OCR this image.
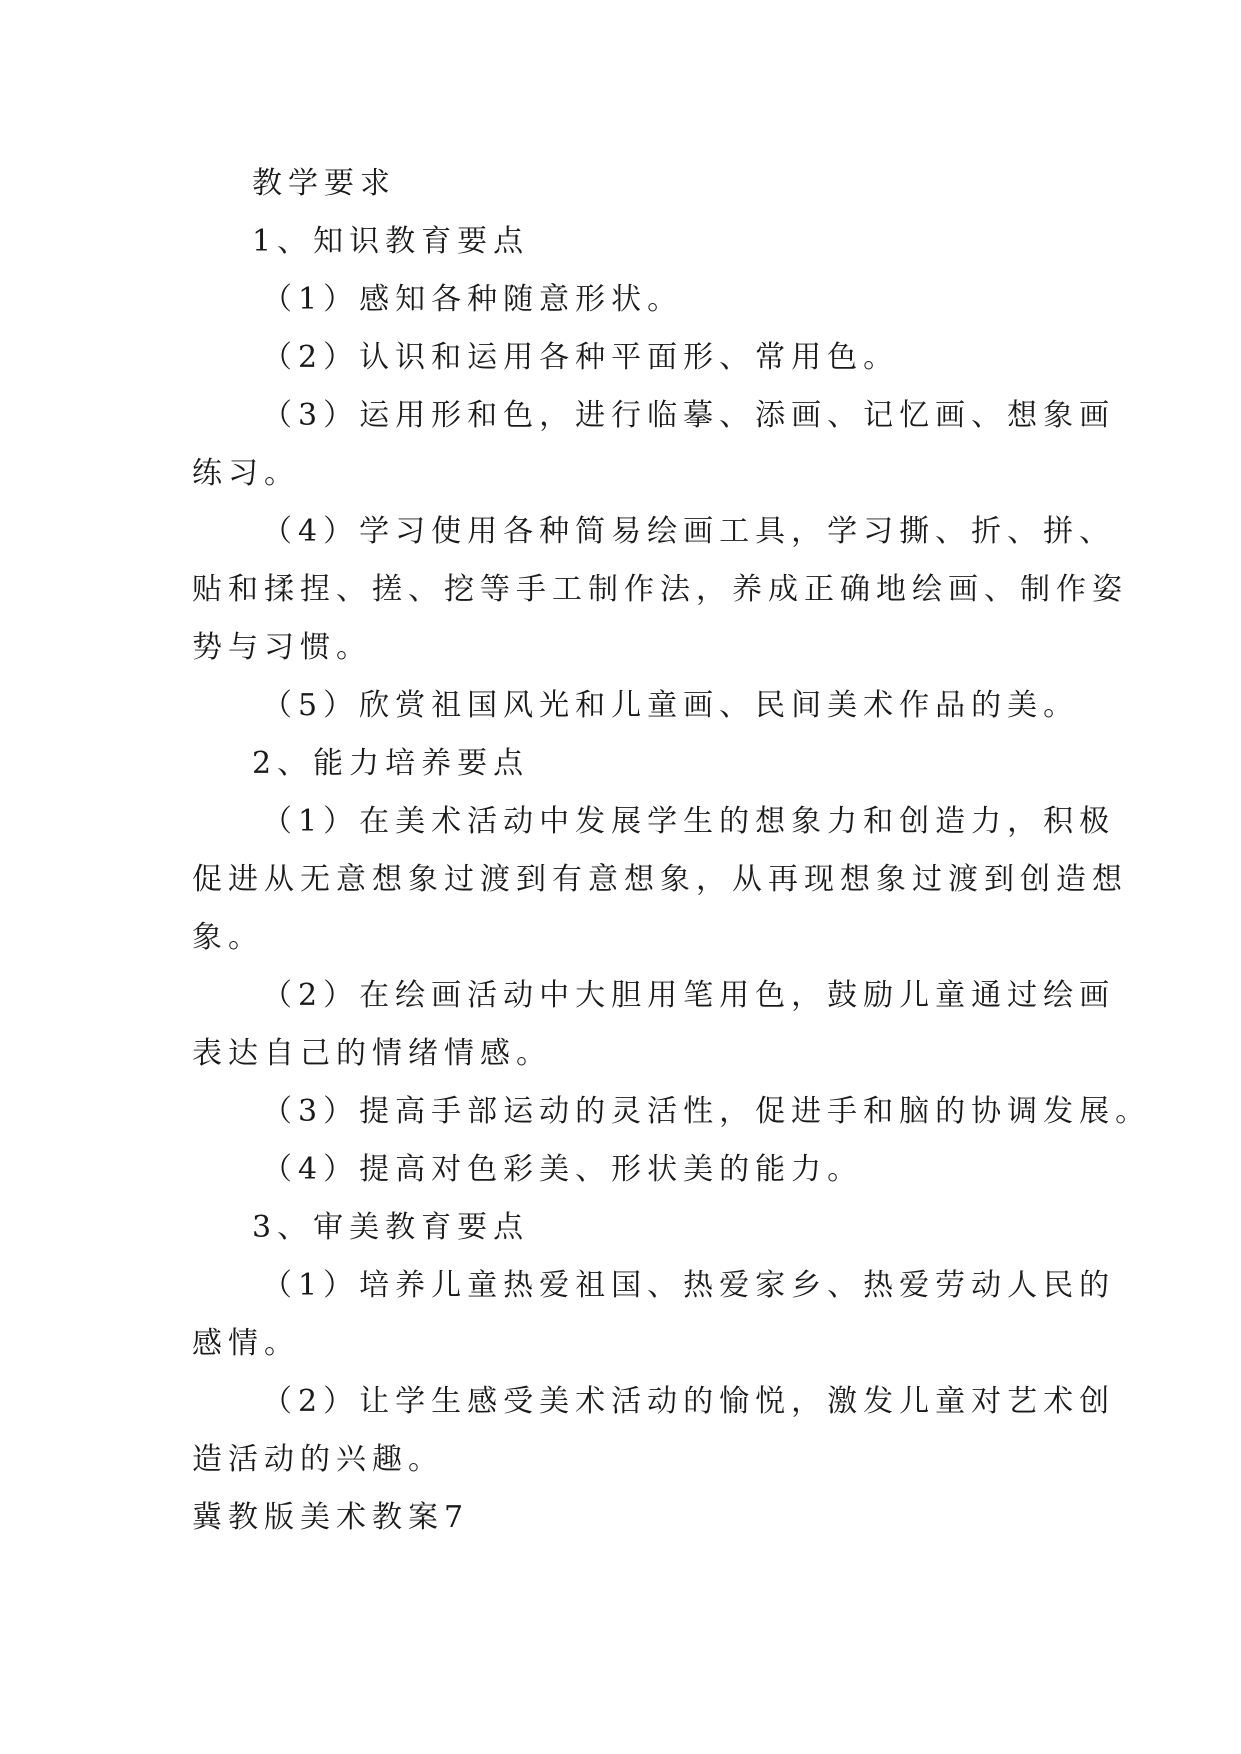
教学要求
1、知识教育要点
（1）感知各种随意形状。
（2）认识和运用各种平面形、常用色。
（3）运用形和色，进行临摹、添画、记忆画、想象画
练习。
（4）学习使用各种简易绘画工具，学习撕、折、拼、
贴和揉捏、搓、挖等手工制作法，养成正确地绘画、制作姿
势与习惯。
（5）欣赏祖国风光和儿童画、民间美术作品的美。
2、能力培养要点
（1）在美术活动中发展学生的想象力和创造力，积极
促进从无意想象过渡到有意想象，从再现想象过渡到创造想
象。
（2）在绘画活动中大胆用笔用色，鼓励儿童通过绘画
表达自己的情绪情感。
（3）提高手部运动的灵活性，促进手和脑的协调发展。
（4）提高对色彩美、形状美的能力。
3、审美教育要点
（1）培养儿童热爱祖国、热爱家乡、热爱劳动人民的
感情。
（2）让学生感受美术活动的愉悦，激发儿童对艺术创
造活动的兴趣。
冀教版美术教案7
